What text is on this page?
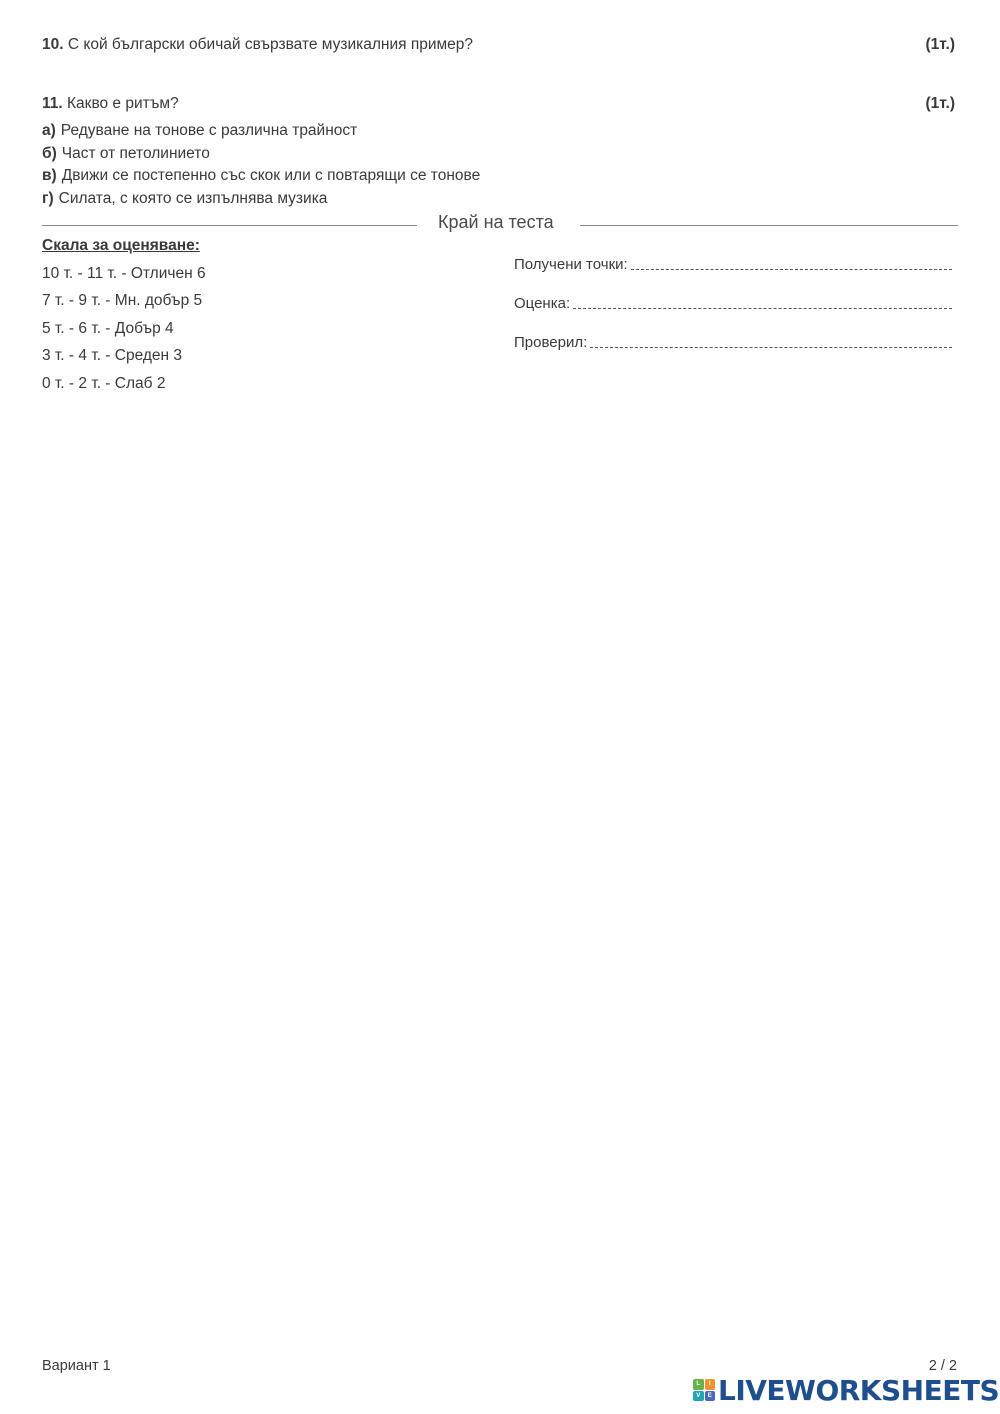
10. С кой български обичай свързвате музикалния пример?	(1т.)
11. Какво е ритъм?	(1т.)
а) Редуване на тонове с различна трайност
б) Част от петолинието
в) Движи се постепенно със скок или с повтарящи се тонове
г) Силата, с която се изпълнява музика
Край на теста
Скала за оценяване:
10 т. - 11 т. - Отличен 6
7 т. - 9 т. - Мн. добър 5
5 т. - 6 т. - Добър 4
3 т. - 4 т. - Среден 3
0 т. - 2 т. - Слаб 2
Получени точки:
Оценка:
Проверил:
Вариант 1	2 / 2
L	I
V	E LIVEWORKSHEETS
